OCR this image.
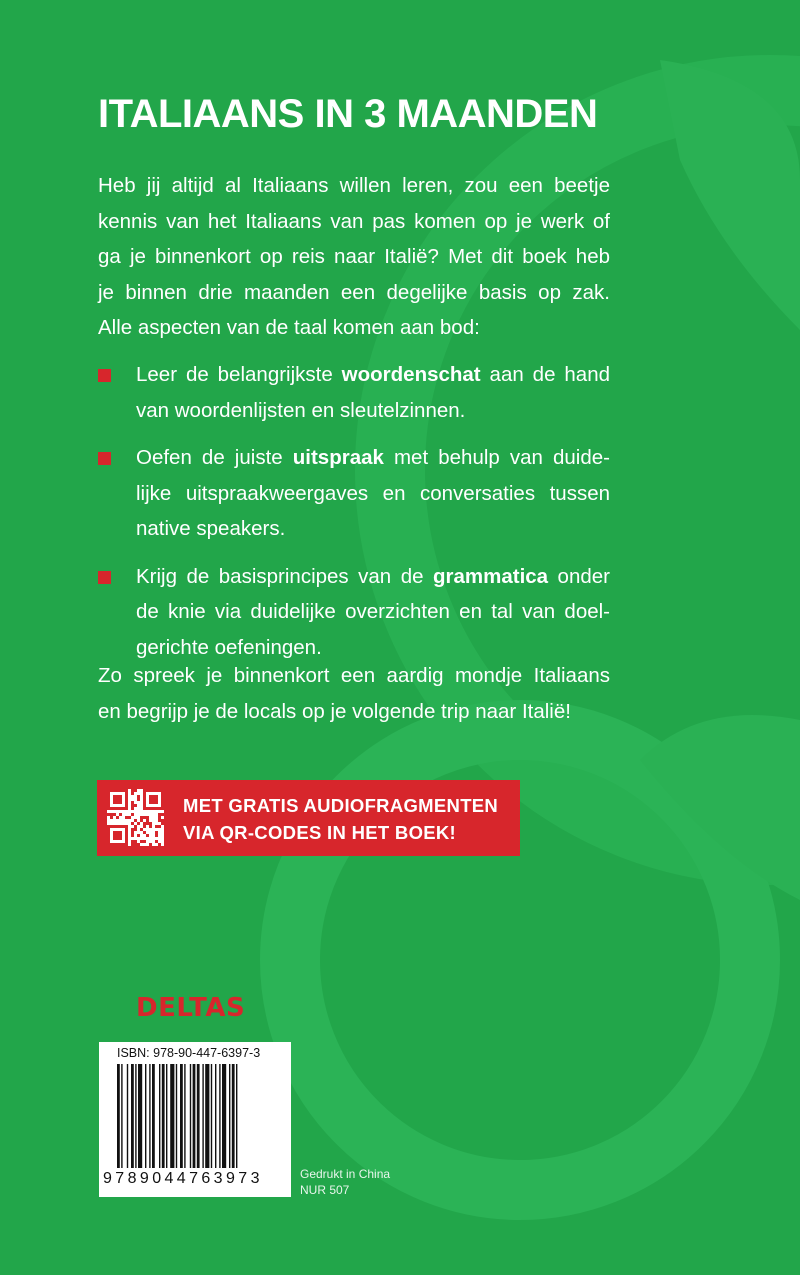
ITALIAANS IN 3 MAANDEN
Heb jij altijd al Italiaans willen leren, zou een beetje
kennis van het Italiaans van pas komen op je werk of
ga je binnenkort op reis naar Italië? Met dit boek heb
je binnen drie maanden een degelijke basis op zak.
Alle aspecten van de taal komen aan bod:
Leer de belangrijkste woordenschat aan de hand
van woordenlijsten en sleutelzinnen.
Oefen de juiste uitspraak met behulp van duide-
lijke uitspraakweergaves en conversaties tussen
native speakers.
Krijg de basisprincipes van de grammatica onder
de knie via duidelijke overzichten en tal van doel-
gerichte oefeningen.
Zo spreek je binnenkort een aardig mondje Italiaans
en begrijp je de locals op je volgende trip naar Italië!
MET GRATIS AUDIOFRAGMENTEN
VIA QR-CODES IN HET BOEK!
DELTAS
ISBN: 978-90-447-6397-3
9789044763973	Gedrukt in China
NUR 507
